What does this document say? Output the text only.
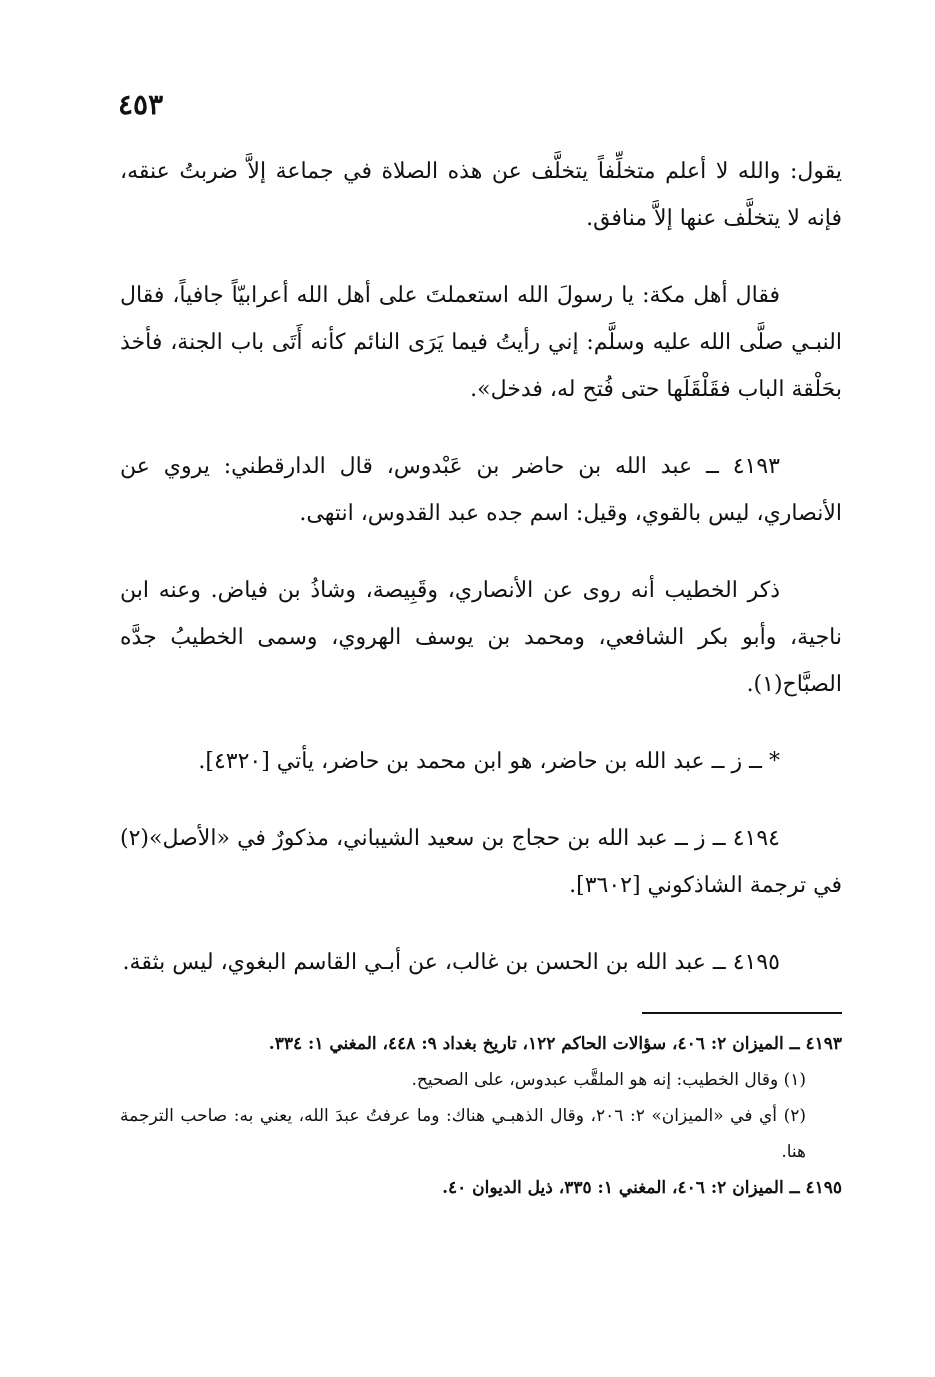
٤٥٣

يقول: والله لا أعلم متخلِّفاً يتخلَّف عن هذه الصلاة في جماعة إلاَّ ضربتُ عنقه، فإنه لا يتخلَّف عنها إلاَّ منافق.

فقال أهل مكة: يا رسولَ الله استعملتَ على أهل الله أعرابيّاً جافياً، فقال النبـي صلَّى الله عليه وسلَّم: إني رأيتُ فيما يَرَى النائم كأنه أَتَى باب الجنة، فأخذ بحَلْقة الباب فقَلْقَلَها حتى فُتح له، فدخل».

٤١٩٣ ــ عبد الله بن حاضر بن عَبْدوس، قال الدارقطني: يروي عن الأنصاري، ليس بالقوي، وقيل: اسم جده عبد القدوس، انتهى.

ذكر الخطيب أنه روى عن الأنصاري، وقَبِيصة، وشاذُ بن فياض. وعنه ابن ناجية، وأبو بكر الشافعي، ومحمد بن يوسف الهروي، وسمى الخطيبُ جدَّه الصبَّاح(١).

* ــ ز ــ عبد الله بن حاضر، هو ابن محمد بن حاضر، يأتي [٤٣٢٠].

٤١٩٤ ــ ز ــ عبد الله بن حجاج بن سعيد الشيباني، مذكورٌ في «الأصل»(٢) في ترجمة الشاذكوني [٣٦٠٢].

٤١٩٥ ــ عبد الله بن الحسن بن غالب، عن أبـي القاسم البغوي، ليس بثقة.

٤١٩٣ ــ الميزان ٢: ٤٠٦، سؤالات الحاكم ١٢٢، تاريخ بغداد ٩: ٤٤٨، المغني ١: ٣٣٤.

(١) وقال الخطيب: إنه هو الملقَّب عبدوس، على الصحيح.

(٢) أي في «الميزان» ٢: ٢٠٦، وقال الذهبـي هناك: وما عرفتُ عبدَ الله، يعني به: صاحب الترجمة هنا.

٤١٩٥ ــ الميزان ٢: ٤٠٦، المغني ١: ٣٣٥، ذيل الديوان ٤٠.
